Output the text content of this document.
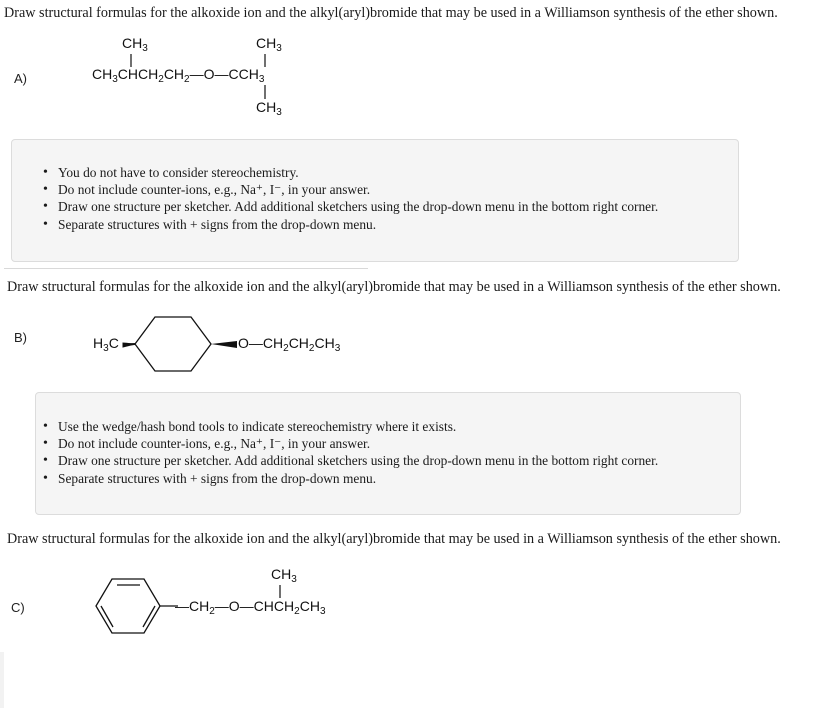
Draw structural formulas for the alkoxide ion and the alkyl(aryl)bromide that may be used in a Williamson synthesis of the ether shown.
A)
$CH_3$	$CH_3$
$CH_3CHCH_2CH_2—O—CCH_3$
$CH_3$
• You do not have to consider stereochemistry.
• Do not include counter-ions, e.g., Na⁺, I⁻, in your answer.
• Draw one structure per sketcher. Add additional sketchers using the drop-down menu in the bottom right corner.
• Separate structures with + signs from the drop-down menu.
Draw structural formulas for the alkoxide ion and the alkyl(aryl)bromide that may be used in a Williamson synthesis of the ether shown.
B)	$H_3C$	$O—CH_2CH_2CH_3$
• Use the wedge/hash bond tools to indicate stereochemistry where it exists.
• Do not include counter-ions, e.g., Na⁺, I⁻, in your answer.
• Draw one structure per sketcher. Add additional sketchers using the drop-down menu in the bottom right corner.
• Separate structures with + signs from the drop-down menu.
Draw structural formulas for the alkoxide ion and the alkyl(aryl)bromide that may be used in a Williamson synthesis of the ether shown.
C)
$CH_3$
$—CH_2—O—CHCH_2CH_3$
